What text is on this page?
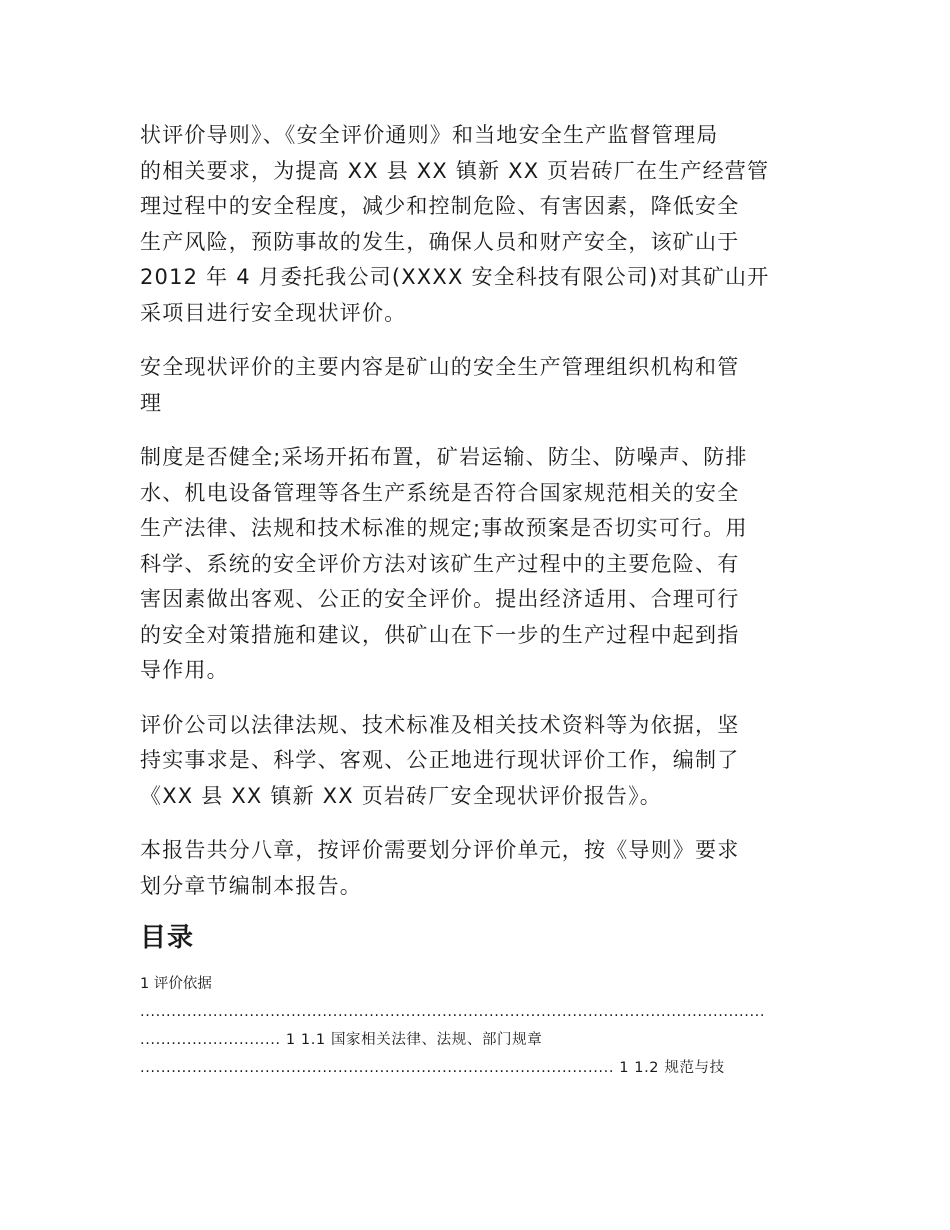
状评价导则》、《安全评价通则》和当地安全生产监督管理局
的相关要求，为提高 XX 县 XX 镇新 XX 页岩砖厂在生产经营管
理过程中的安全程度，减少和控制危险、有害因素，降低安全
生产风险，预防事故的发生，确保人员和财产安全，该矿山于
2012 年 4 月委托我公司(XXXX 安全科技有限公司)对其矿山开
采项目进行安全现状评价。

安全现状评价的主要内容是矿山的安全生产管理组织机构和管
理

制度是否健全;采场开拓布置，矿岩运输、防尘、防噪声、防排
水、机电设备管理等各生产系统是否符合国家规范相关的安全
生产法律、法规和技术标准的规定;事故预案是否切实可行。用
科学、系统的安全评价方法对该矿生产过程中的主要危险、有
害因素做出客观、公正的安全评价。提出经济适用、合理可行
的安全对策措施和建议，供矿山在下一步的生产过程中起到指
导作用。

评价公司以法律法规、技术标准及相关技术资料等为依据，坚
持实事求是、科学、客观、公正地进行现状评价工作，编制了
《XX 县 XX 镇新 XX 页岩砖厂安全现状评价报告》。

本报告共分八章，按评价需要划分评价单元，按《导则》要求
划分章节编制本报告。

目录
1 评价依据
........................................................................................................................
........................... 1 1.1 国家相关法律、法规、部门规章
........................................................................................... 1 1.2 规范与技
